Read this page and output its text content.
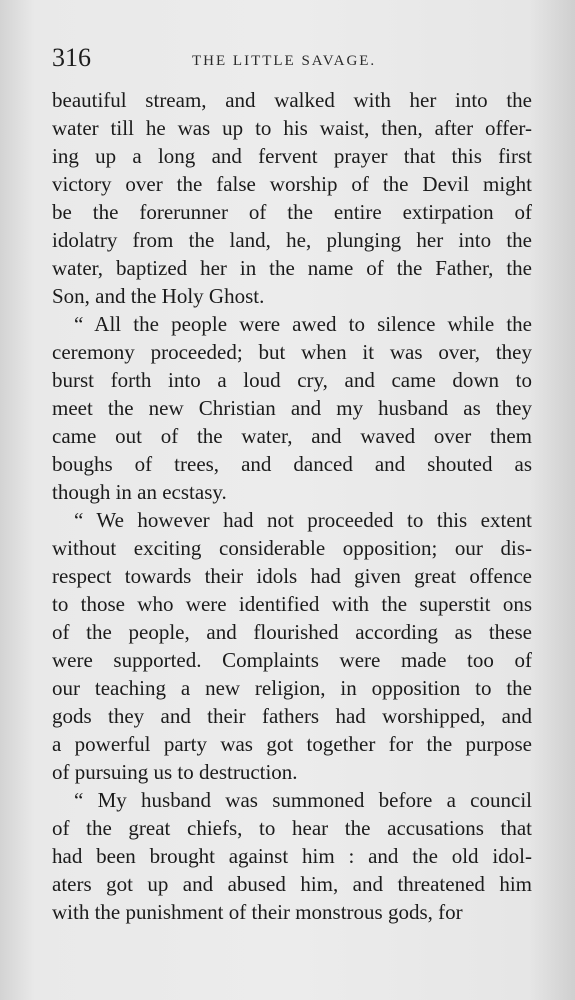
316	THE LITTLE SAVAGE.
beautiful stream, and walked with her into the
water till he was up to his waist, then, after offer-
ing up a long and fervent prayer that this first
victory over the false worship of the Devil might
be the forerunner of the entire extirpation of
idolatry from the land, he, plunging her into the
water, baptized her in the name of the Father, the
Son, and the Holy Ghost.
“ All the people were awed to silence while the
ceremony proceeded; but when it was over, they
burst forth into a loud cry, and came down to
meet the new Christian and my husband as they
came out of the water, and waved over them
boughs of trees, and danced and shouted as
though in an ecstasy.
“ We however had not proceeded to this extent
without exciting considerable opposition; our dis-
respect towards their idols had given great offence
to those who were identified with the superstit ons
of the people, and flourished according as these
were supported. Complaints were made too of
our teaching a new religion, in opposition to the
gods they and their fathers had worshipped, and
a powerful party was got together for the purpose
of pursuing us to destruction.
“ My husband was summoned before a council
of the great chiefs, to hear the accusations that
had been brought against him : and the old idol-
aters got up and abused him, and threatened him
with the punishment of their monstrous gods, for
